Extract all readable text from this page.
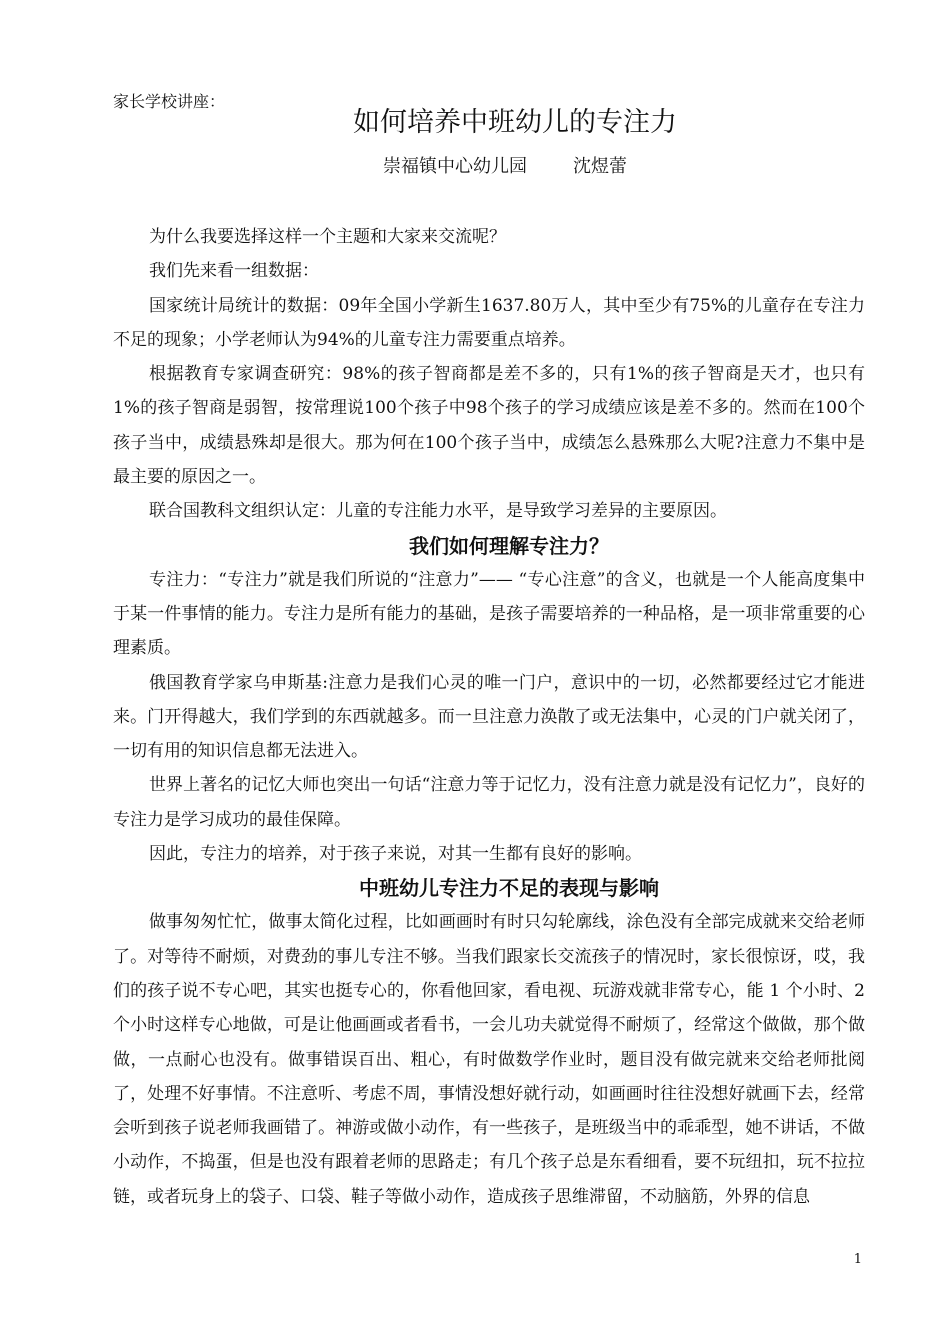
家长学校讲座：
如何培养中班幼儿的专注力
崇福镇中心幼儿园	沈煜蕾

为什么我要选择这样一个主题和大家来交流呢？

我们先来看一组数据：

国家统计局统计的数据：09年全国小学新生1637.80万人，其中至少有75%的儿童存在专注力不足的现象；小学老师认为94%的儿童专注力需要重点培养。

根据教育专家调查研究：98%的孩子智商都是差不多的，只有1%的孩子智商是天才，也只有1%的孩子智商是弱智，按常理说100个孩子中98个孩子的学习成绩应该是差不多的。然而在100个孩子当中，成绩悬殊却是很大。那为何在100个孩子当中，成绩怎么悬殊那么大呢?注意力不集中是最主要的原因之一。

联合国教科文组织认定：儿童的专注能力水平，是导致学习差异的主要原因。

我们如何理解专注力？

专注力：“专注力”就是我们所说的“注意力”—— “专心注意”的含义，也就是一个人能高度集中于某一件事情的能力。专注力是所有能力的基础，是孩子需要培养的一种品格，是一项非常重要的心理素质。

俄国教育学家乌申斯基:注意力是我们心灵的唯一门户，意识中的一切，必然都要经过它才能进来。门开得越大，我们学到的东西就越多。而一旦注意力涣散了或无法集中，心灵的门户就关闭了，一切有用的知识信息都无法进入。

世界上著名的记忆大师也突出一句话“注意力等于记忆力，没有注意力就是没有记忆力”，良好的专注力是学习成功的最佳保障。

因此，专注力的培养，对于孩子来说，对其一生都有良好的影响。

中班幼儿专注力不足的表现与影响

做事匆匆忙忙，做事太简化过程，比如画画时有时只勾轮廓线，涂色没有全部完成就来交给老师了。对等待不耐烦，对费劲的事儿专注不够。当我们跟家长交流孩子的情况时，家长很惊讶，哎，我们的孩子说不专心吧，其实也挺专心的，你看他回家，看电视、玩游戏就非常专心，能 1 个小时、2 个小时这样专心地做，可是让他画画或者看书，一会儿功夫就觉得不耐烦了，经常这个做做，那个做做，一点耐心也没有。做事错误百出、粗心，有时做数学作业时，题目没有做完就来交给老师批阅了，处理不好事情。不注意听、考虑不周，事情没想好就行动，如画画时往往没想好就画下去，经常会听到孩子说老师我画错了。神游或做小动作，有一些孩子，是班级当中的乖乖型，她不讲话，不做小动作，不捣蛋，但是也没有跟着老师的思路走；有几个孩子总是东看细看，要不玩纽扣，玩不拉拉链，或者玩身上的袋子、口袋、鞋子等做小动作，造成孩子思维滞留，不动脑筋，外界的信息

1
